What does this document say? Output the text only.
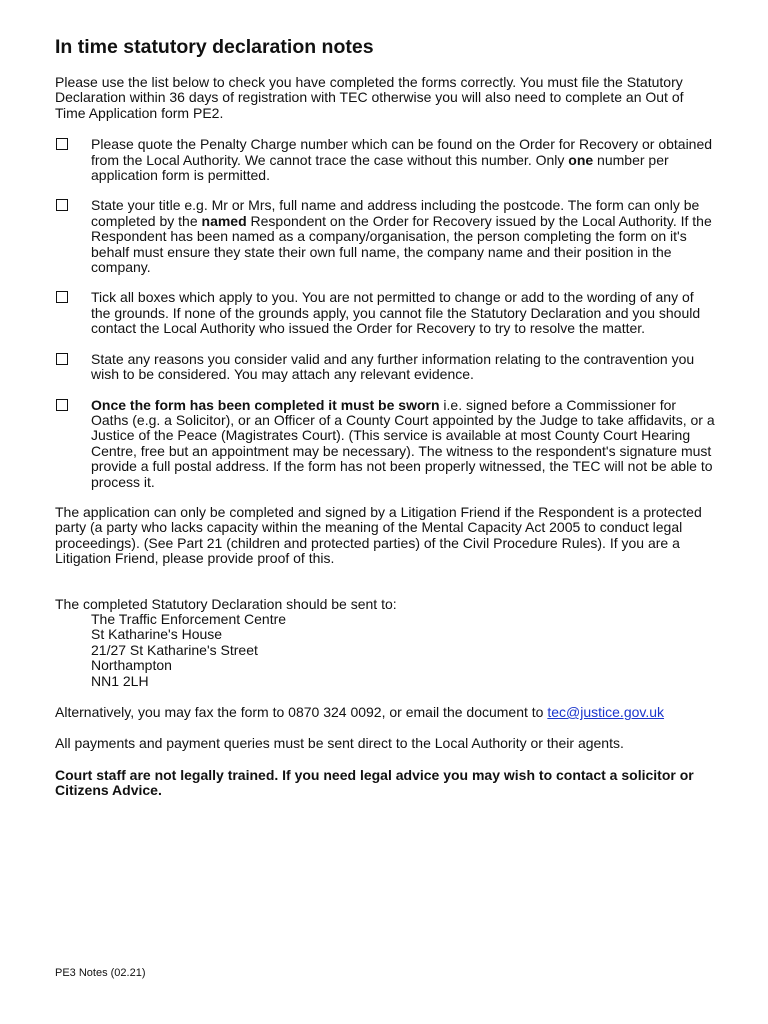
In time statutory declaration notes

Please use the list below to check you have completed the forms correctly. You must file the Statutory Declaration within 36 days of registration with TEC otherwise you will also need to complete an Out of Time Application form PE2.

Please quote the Penalty Charge number which can be found on the Order for Recovery or obtained from the Local Authority. We cannot trace the case without this number. Only one number per application form is permitted.
State your title e.g. Mr or Mrs, full name and address including the postcode. The form can only be completed by the named Respondent on the Order for Recovery issued by the Local Authority. If the Respondent has been named as a company/organisation, the person completing the form on it's behalf must ensure they state their own full name, the company name and their position in the company.
Tick all boxes which apply to you. You are not permitted to change or add to the wording of any of the grounds. If none of the grounds apply, you cannot file the Statutory Declaration and you should contact the Local Authority who issued the Order for Recovery to try to resolve the matter.
State any reasons you consider valid and any further information relating to the contravention you wish to be considered. You may attach any relevant evidence.
Once the form has been completed it must be sworn i.e. signed before a Commissioner for Oaths (e.g. a Solicitor), or an Officer of a County Court appointed by the Judge to take affidavits, or a Justice of the Peace (Magistrates Court). (This service is available at most County Court Hearing Centre, free but an appointment may be necessary). The witness to the respondent's signature must provide a full postal address. If the form has not been properly witnessed, the TEC will not be able to process it.

The application can only be completed and signed by a Litigation Friend if the Respondent is a protected party (a party who lacks capacity within the meaning of the Mental Capacity Act 2005 to conduct legal proceedings). (See Part 21 (children and protected parties) of the Civil Procedure Rules). If you are a Litigation Friend, please provide proof of this.

The completed Statutory Declaration should be sent to:
The Traffic Enforcement Centre
St Katharine's House
21/27 St Katharine's Street
Northampton
NN1 2LH

Alternatively, you may fax the form to 0870 324 0092, or email the document to tec@justice.gov.uk

All payments and payment queries must be sent direct to the Local Authority or their agents.

Court staff are not legally trained. If you need legal advice you may wish to contact a solicitor or Citizens Advice.

PE3 Notes (02.21)
